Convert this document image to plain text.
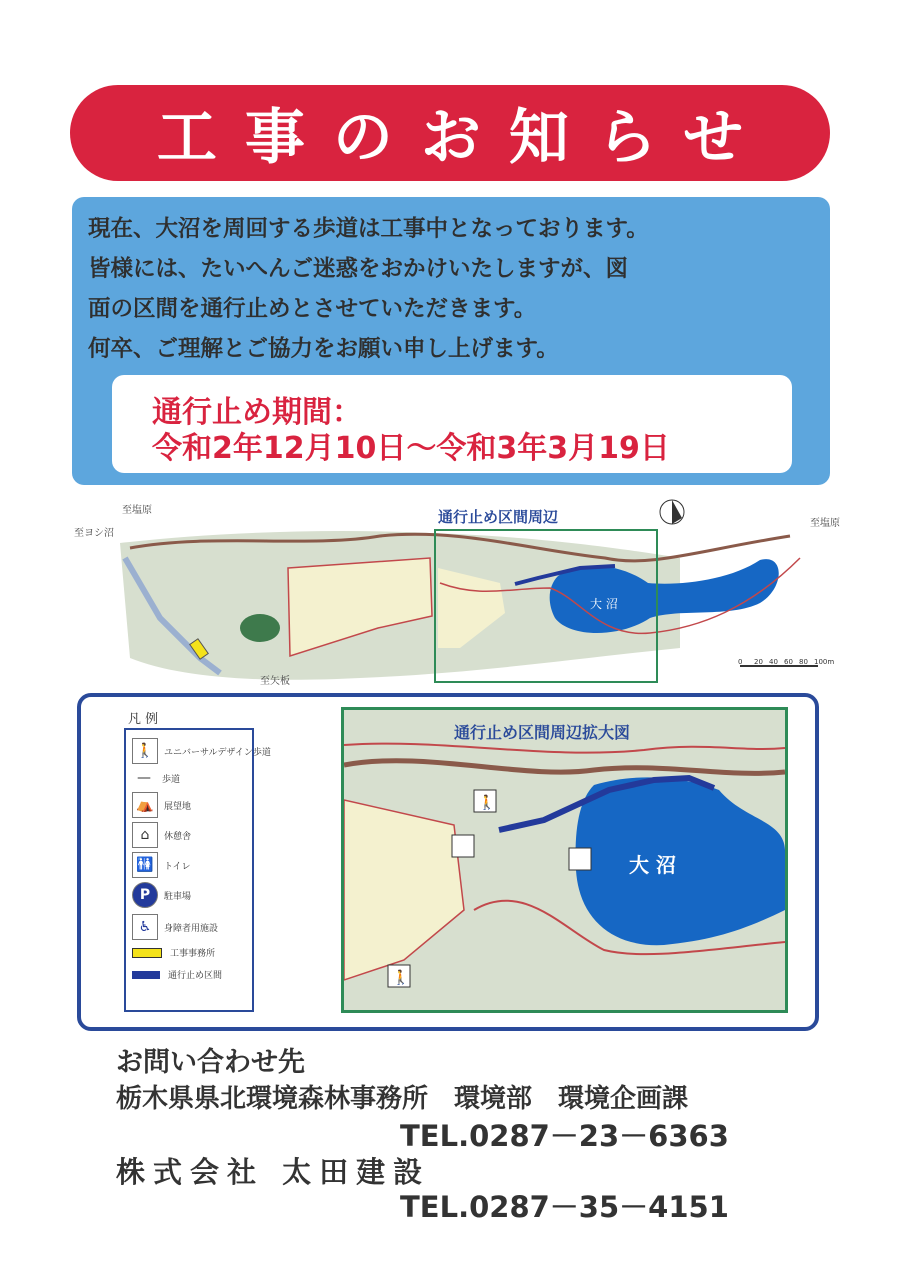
工事のお知らせ
現在、大沼を周回する歩道は工事中となっております。
皆様には、たいへんご迷惑をおかけいたしますが、図
面の区間を通行止めとさせていただきます。
何卒、ご理解とご協力をお願い申し上げます。
通行止め期間：
令和2年12月10日～令和3年3月19日
大 沼
通行止め区間周辺
至塩原
至ヨシ沼
至矢板
至塩原
0 20 40 60 80 100m
凡 例
🚶	ユニバーサルデザイン歩道
—	歩道
⛺	展望地
⌂	休憩舎
🚻	トイレ
P	駐車場
♿	身障者用施設
工事事務所
通行止め区間
大 沼
🚶
🚶
通行止め区間周辺拡大図
お問い合わせ先
栃木県県北環境森林事務所　環境部　環境企画課
TEL.0287－23－6363
株式会社 太田建設
TEL.0287－35－4151
